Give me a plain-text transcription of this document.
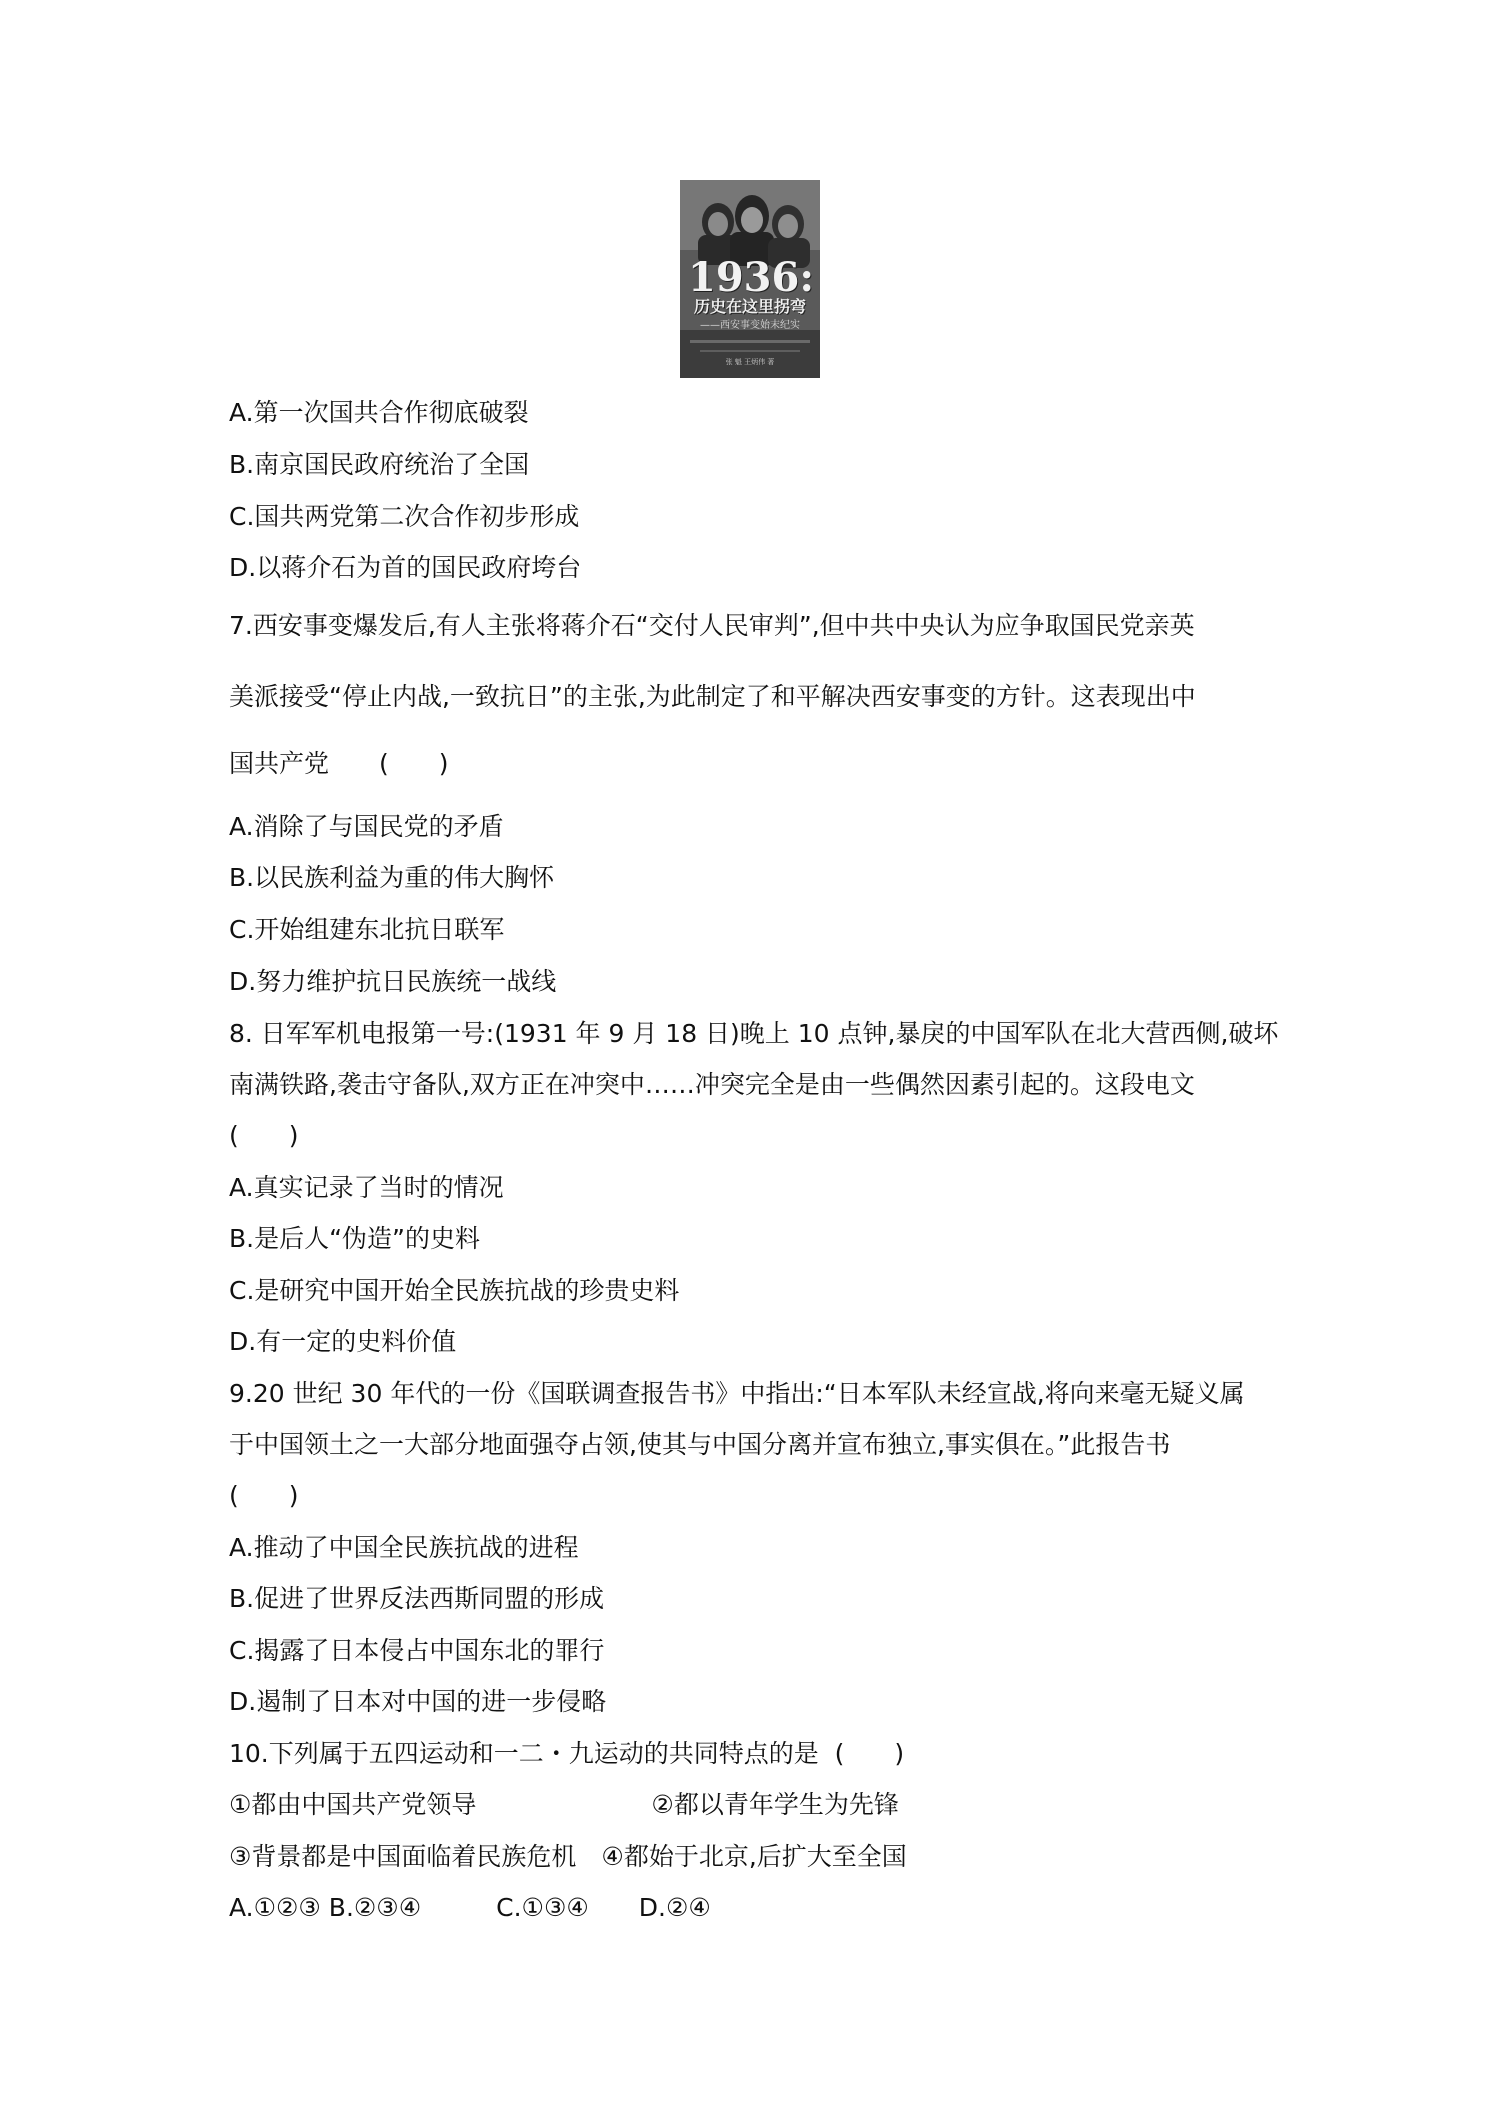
1936:
历史在这里拐弯
——西安事变始末纪实
张 魁 王炳伟 著
A.第一次国共合作彻底破裂
B.南京国民政府统治了全国
C.国共两党第二次合作初步形成
D.以蒋介石为首的国民政府垮台
7.西安事变爆发后,有人主张将蒋介石“交付人民审判”,但中共中央认为应争取国民党亲英
美派接受“停止内战,一致抗日”的主张,为此制定了和平解决西安事变的方针。这表现出中
国共产党　　(　　)
A.消除了与国民党的矛盾
B.以民族利益为重的伟大胸怀
C.开始组建东北抗日联军
D.努力维护抗日民族统一战线
8. 日军军机电报第一号:(1931 年 9 月 18 日)晚上 10 点钟,暴戾的中国军队在北大营西侧,破坏
南满铁路,袭击守备队,双方正在冲突中……冲突完全是由一些偶然因素引起的。这段电文
(　　)
A.真实记录了当时的情况
B.是后人“伪造”的史料
C.是研究中国开始全民族抗战的珍贵史料
D.有一定的史料价值
9.20 世纪 30 年代的一份《国联调查报告书》中指出:“日本军队未经宣战,将向来毫无疑义属
于中国领土之一大部分地面强夺占领,使其与中国分离并宣布独立,事实俱在。”此报告书
(　　)
A.推动了中国全民族抗战的进程
B.促进了世界反法西斯同盟的形成
C.揭露了日本侵占中国东北的罪行
D.遏制了日本对中国的进一步侵略
10.下列属于五四运动和一二・九运动的共同特点的是  (　　)
①都由中国共产党领导　　　　　　　②都以青年学生为先锋
③背景都是中国面临着民族危机　④都始于北京,后扩大至全国
A.①②③ B.②③④　　　C.①③④　　D.②④
